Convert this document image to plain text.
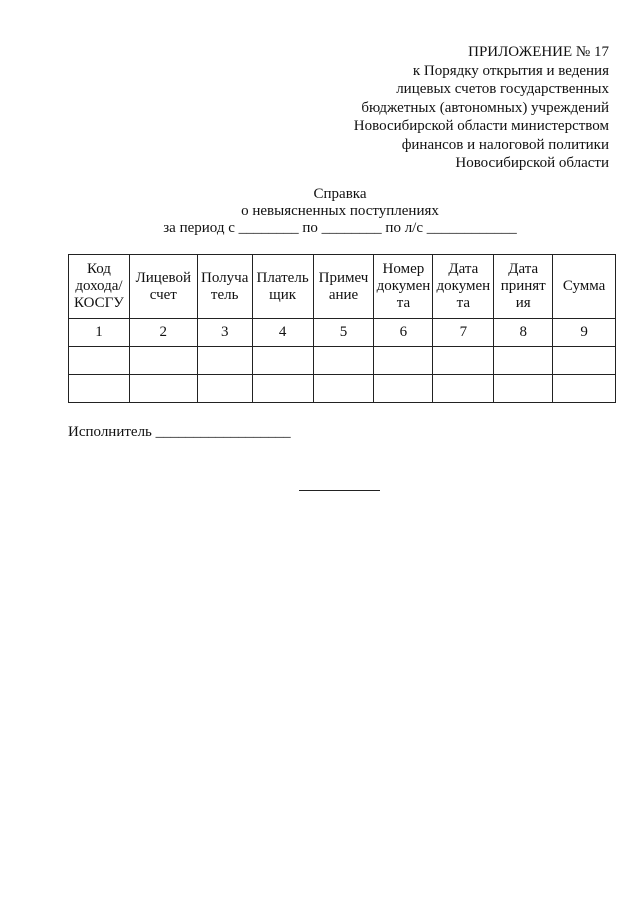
ПРИЛОЖЕНИЕ № 17
к Порядку открытия и ведения
лицевых счетов государственных
бюджетных (автономных) учреждений
Новосибирской области министерством
финансов и налоговой политики
Новосибирской области
Справка
о невыясненных поступлениях
за период с ________ по ________ по л/с ____________
Код дохода/ КОСГУ	Лицевой счет	Получа тель	Платель щик	Примеч ание	Номер докумен та	Дата докумен та	Дата принят ия	Сумма
1	2	3	4	5	6	7	8	9

Исполнитель __________________
